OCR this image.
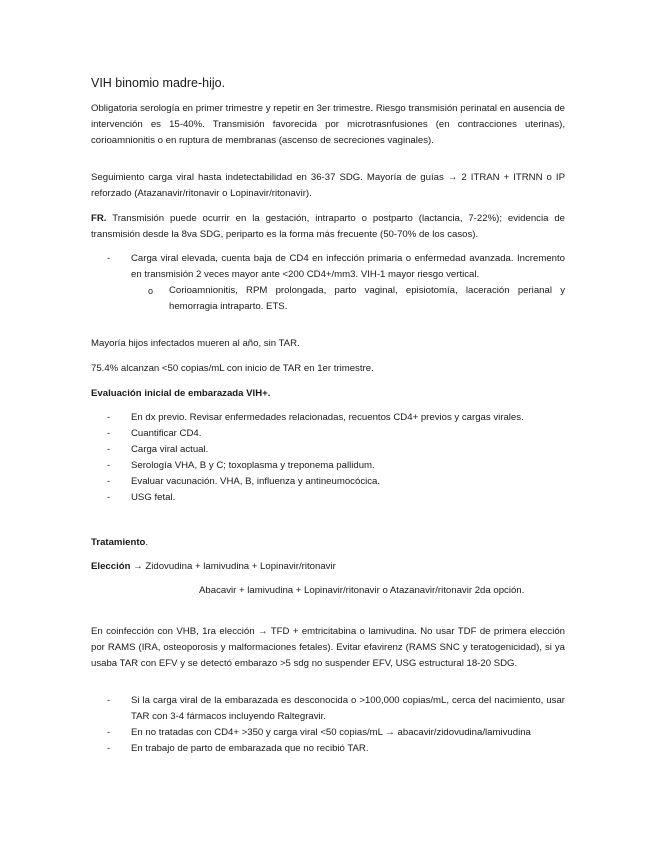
VIH binomio madre-hijo.

Obligatoria serología en primer trimestre y repetir en 3er trimestre. Riesgo transmisión perinatal en ausencia de intervención es 15-40%. Transmisión favorecida por microtrasnfusiones (en contracciones uterinas), corioamnionitis o en ruptura de membranas (ascenso de secreciones vaginales).

Seguimiento carga viral hasta indetectabilidad en 36-37 SDG. Mayoría de guías → 2 ITRAN + ITRNN o IP reforzado (Atazanavir/ritonavir o Lopinavir/ritonavir).

FR. Transmisión puede ocurrir en la gestación, intraparto o postparto (lactancia, 7-22%); evidencia de transmisión desde la 8va SDG, periparto es la forma más frecuente (50-70% de los casos).

- Carga viral elevada, cuenta baja de CD4 en infección primaria o enfermedad avanzada. Incremento en transmisión 2 veces mayor ante <200 CD4+/mm3. VIH-1 mayor riesgo vertical.
o Corioamnionitis, RPM prolongada, parto vaginal, episiotomía, laceración perianal y hemorragia intraparto. ETS.

Mayoría hijos infectados mueren al año, sin TAR.

75.4% alcanzan <50 copias/mL con inicio de TAR en 1er trimestre.

Evaluación inicial de embarazada VIH+.

- En dx previo. Revisar enfermedades relacionadas, recuentos CD4+ previos y cargas virales.
- Cuantificar CD4.
- Carga viral actual.
- Serología VHA, B y C; toxoplasma y treponema pallidum.
- Evaluar vacunación. VHA, B, influenza y antineumocócica.
- USG fetal.

Tratamiento.

Elección → Zidovudina + lamivudina + Lopinavir/ritonavir

Abacavir + lamivudina + Lopinavir/ritonavir o Atazanavir/ritonavir 2da opción.

En coinfección con VHB, 1ra elección → TFD + emtricitabina o lamivudina. No usar TDF de primera elección por RAMS (IRA, osteoporosis y malformaciones fetales). Evitar efavirenz (RAMS SNC y teratogenicidad), si ya usaba TAR con EFV y se detectó embarazo >5 sdg no suspender EFV, USG estructural 18-20 SDG.

- Si la carga viral de la embarazada es desconocida o >100,000 copias/mL, cerca del nacimiento, usar TAR con 3-4 fármacos incluyendo Raltegravir.
- En no tratadas con CD4+ >350 y carga viral <50 copias/mL → abacavir/zidovudina/lamivudina
- En trabajo de parto de embarazada que no recibió TAR.
